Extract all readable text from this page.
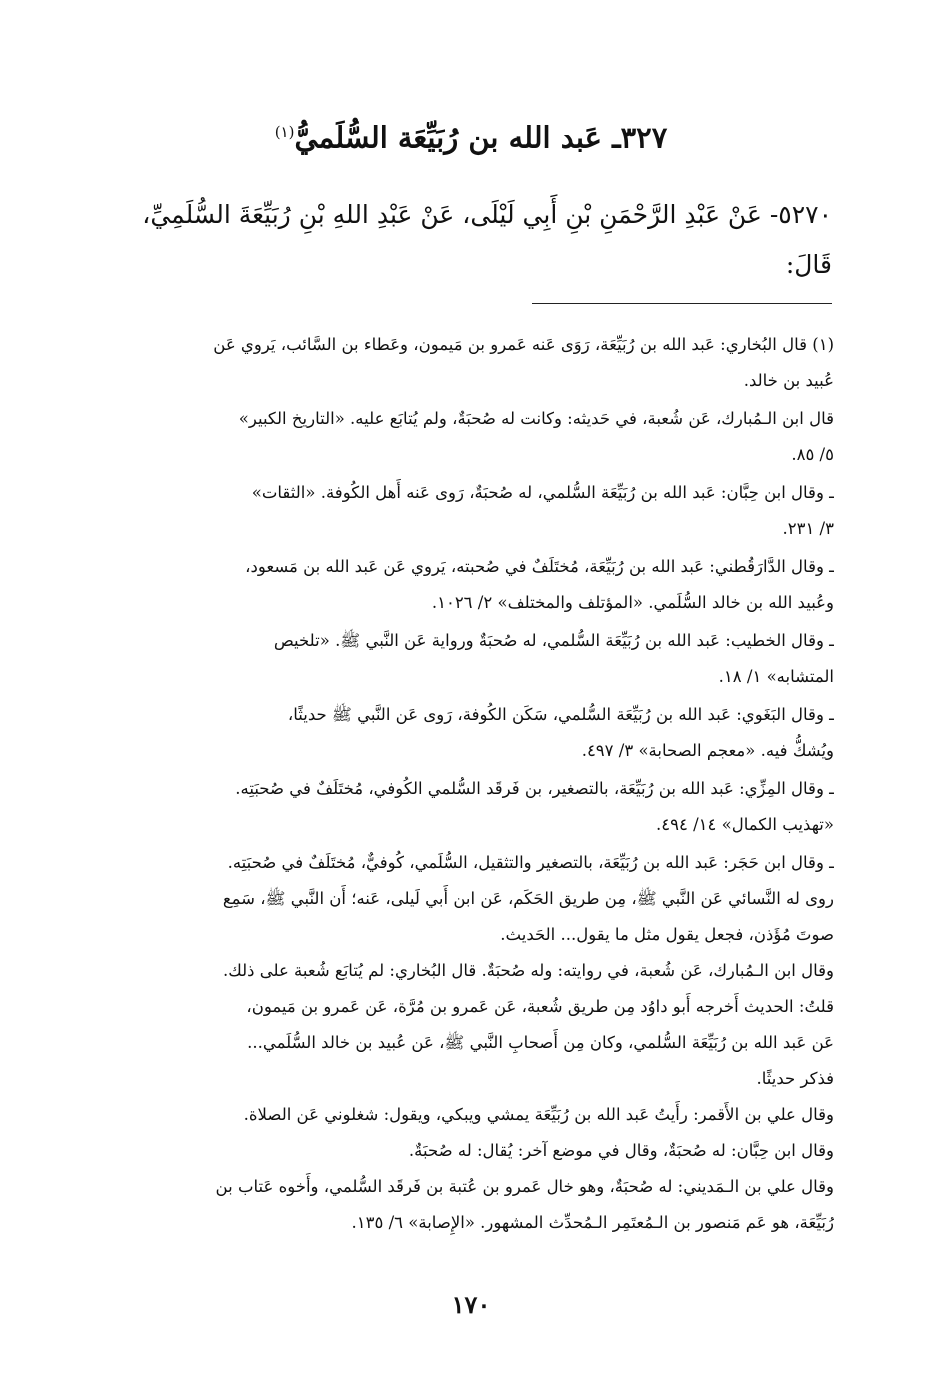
٣٢٧ـ عَبد الله بن رُبَيِّعَة السُّلَميُّ$^{(١)}$
٥٢٧٠- عَنْ عَبْدِ الرَّحْمَنِ بْنِ أَبِي لَيْلَى، عَنْ عَبْدِ اللهِ بْنِ رُبَيِّعَةَ السُّلَمِيِّ،
قَالَ:
(١) قال البُخاري: عَبد الله بن رُبَيِّعَة، رَوَى عَنه عَمرو بن مَيمون، وعَطاء بن السَّائب، يَروي عَن
عُبيد بن خالد.
قال ابن الـمُبارك، عَن شُعبة، في حَديثه: وكانت له صُحبَةٌ، ولم يُتابَع عليه. «التاريخ الكبير»
٥/ ٨٥.
ـ وقال ابن حِبَّان: عَبد الله بن رُبَيِّعَة السُّلمي، له صُحبَةٌ، رَوى عَنه أَهل الكُوفة. «الثقات»
٣/ ٢٣١.
ـ وقال الدَّارَقُطني: عَبد الله بن رُبَيِّعَة، مُختَلَفٌ في صُحبته، يَروي عَن عَبد الله بن مَسعود،
وعُبيد الله بن خالد السُّلَمي. «المؤتلف والمختلف» ٢/ ١٠٢٦.
ـ وقال الخطيب: عَبد الله بن رُبَيِّعَة السُّلمي، له صُحبَةٌ ورواية عَن النَّبي ﷺ. «تلخيص
المتشابه» ١/ ١٨.
ـ وقال البَغَوي: عَبد الله بن رُبَيِّعَة السُّلمي، سَكَن الكُوفة، رَوى عَن النَّبي ﷺ حديثًا،
ويُشكُّ فيه. «معجم الصحابة» ٣/ ٤٩٧.
ـ وقال المِزِّي: عَبد الله بن رُبَيِّعَة، بالتصغير، بن فَرقَد السُّلمي الكُوفي، مُختَلَفٌ في صُحبَتِه.
«تهذيب الكمال» ١٤/ ٤٩٤.
ـ وقال ابن حَجَر: عَبد الله بن رُبَيِّعَة، بالتصغير والتثقيل، السُّلَمي، كُوفيٌّ، مُختَلَفٌ في صُحبَتِه.
روى له النَّسائي عَن النَّبي ﷺ، مِن طريق الحَكَم، عَن ابن أَبي لَيلى، عَنه؛ أَن النَّبي ﷺ، سَمِع
صوتَ مُؤَذن، فجعل يقول مثل ما يقول... الحَديث.
وقال ابن الـمُبارك، عَن شُعبة، في روايته: وله صُحبَةٌ. قال البُخاري: لم يُتابَع شُعبة على ذلك.
قلتُ: الحديث أَخرجه أَبو داوُد مِن طريق شُعبة، عَن عَمرو بن مُرَّة، عَن عَمرو بن مَيمون،
عَن عَبد الله بن رُبَيِّعَة السُّلمي، وكان مِن أَصحابِ النَّبي ﷺ، عَن عُبيد بن خالد السُّلَمي...
فذكر حديثًا.
وقال علي بن الأَقمر: رأَيتُ عَبد الله بن رُبَيِّعَة يمشي ويبكي، ويقول: شغلوني عَن الصلاة.
وقال ابن حِبَّان: له صُحبَةٌ، وقال في موضع آخر: يُقال: له صُحبَةٌ.
وقال علي بن الـمَديني: له صُحبَةٌ، وهو خال عَمرو بن عُتبة بن فَرقَد السُّلمي، وأَخوه عَتاب بن
رُبَيِّعَة، هو عَم مَنصور بن الـمُعتَمِر الـمُحدِّث المشهور. «الإِصابة» ٦/ ١٣٥.
١٧٠
